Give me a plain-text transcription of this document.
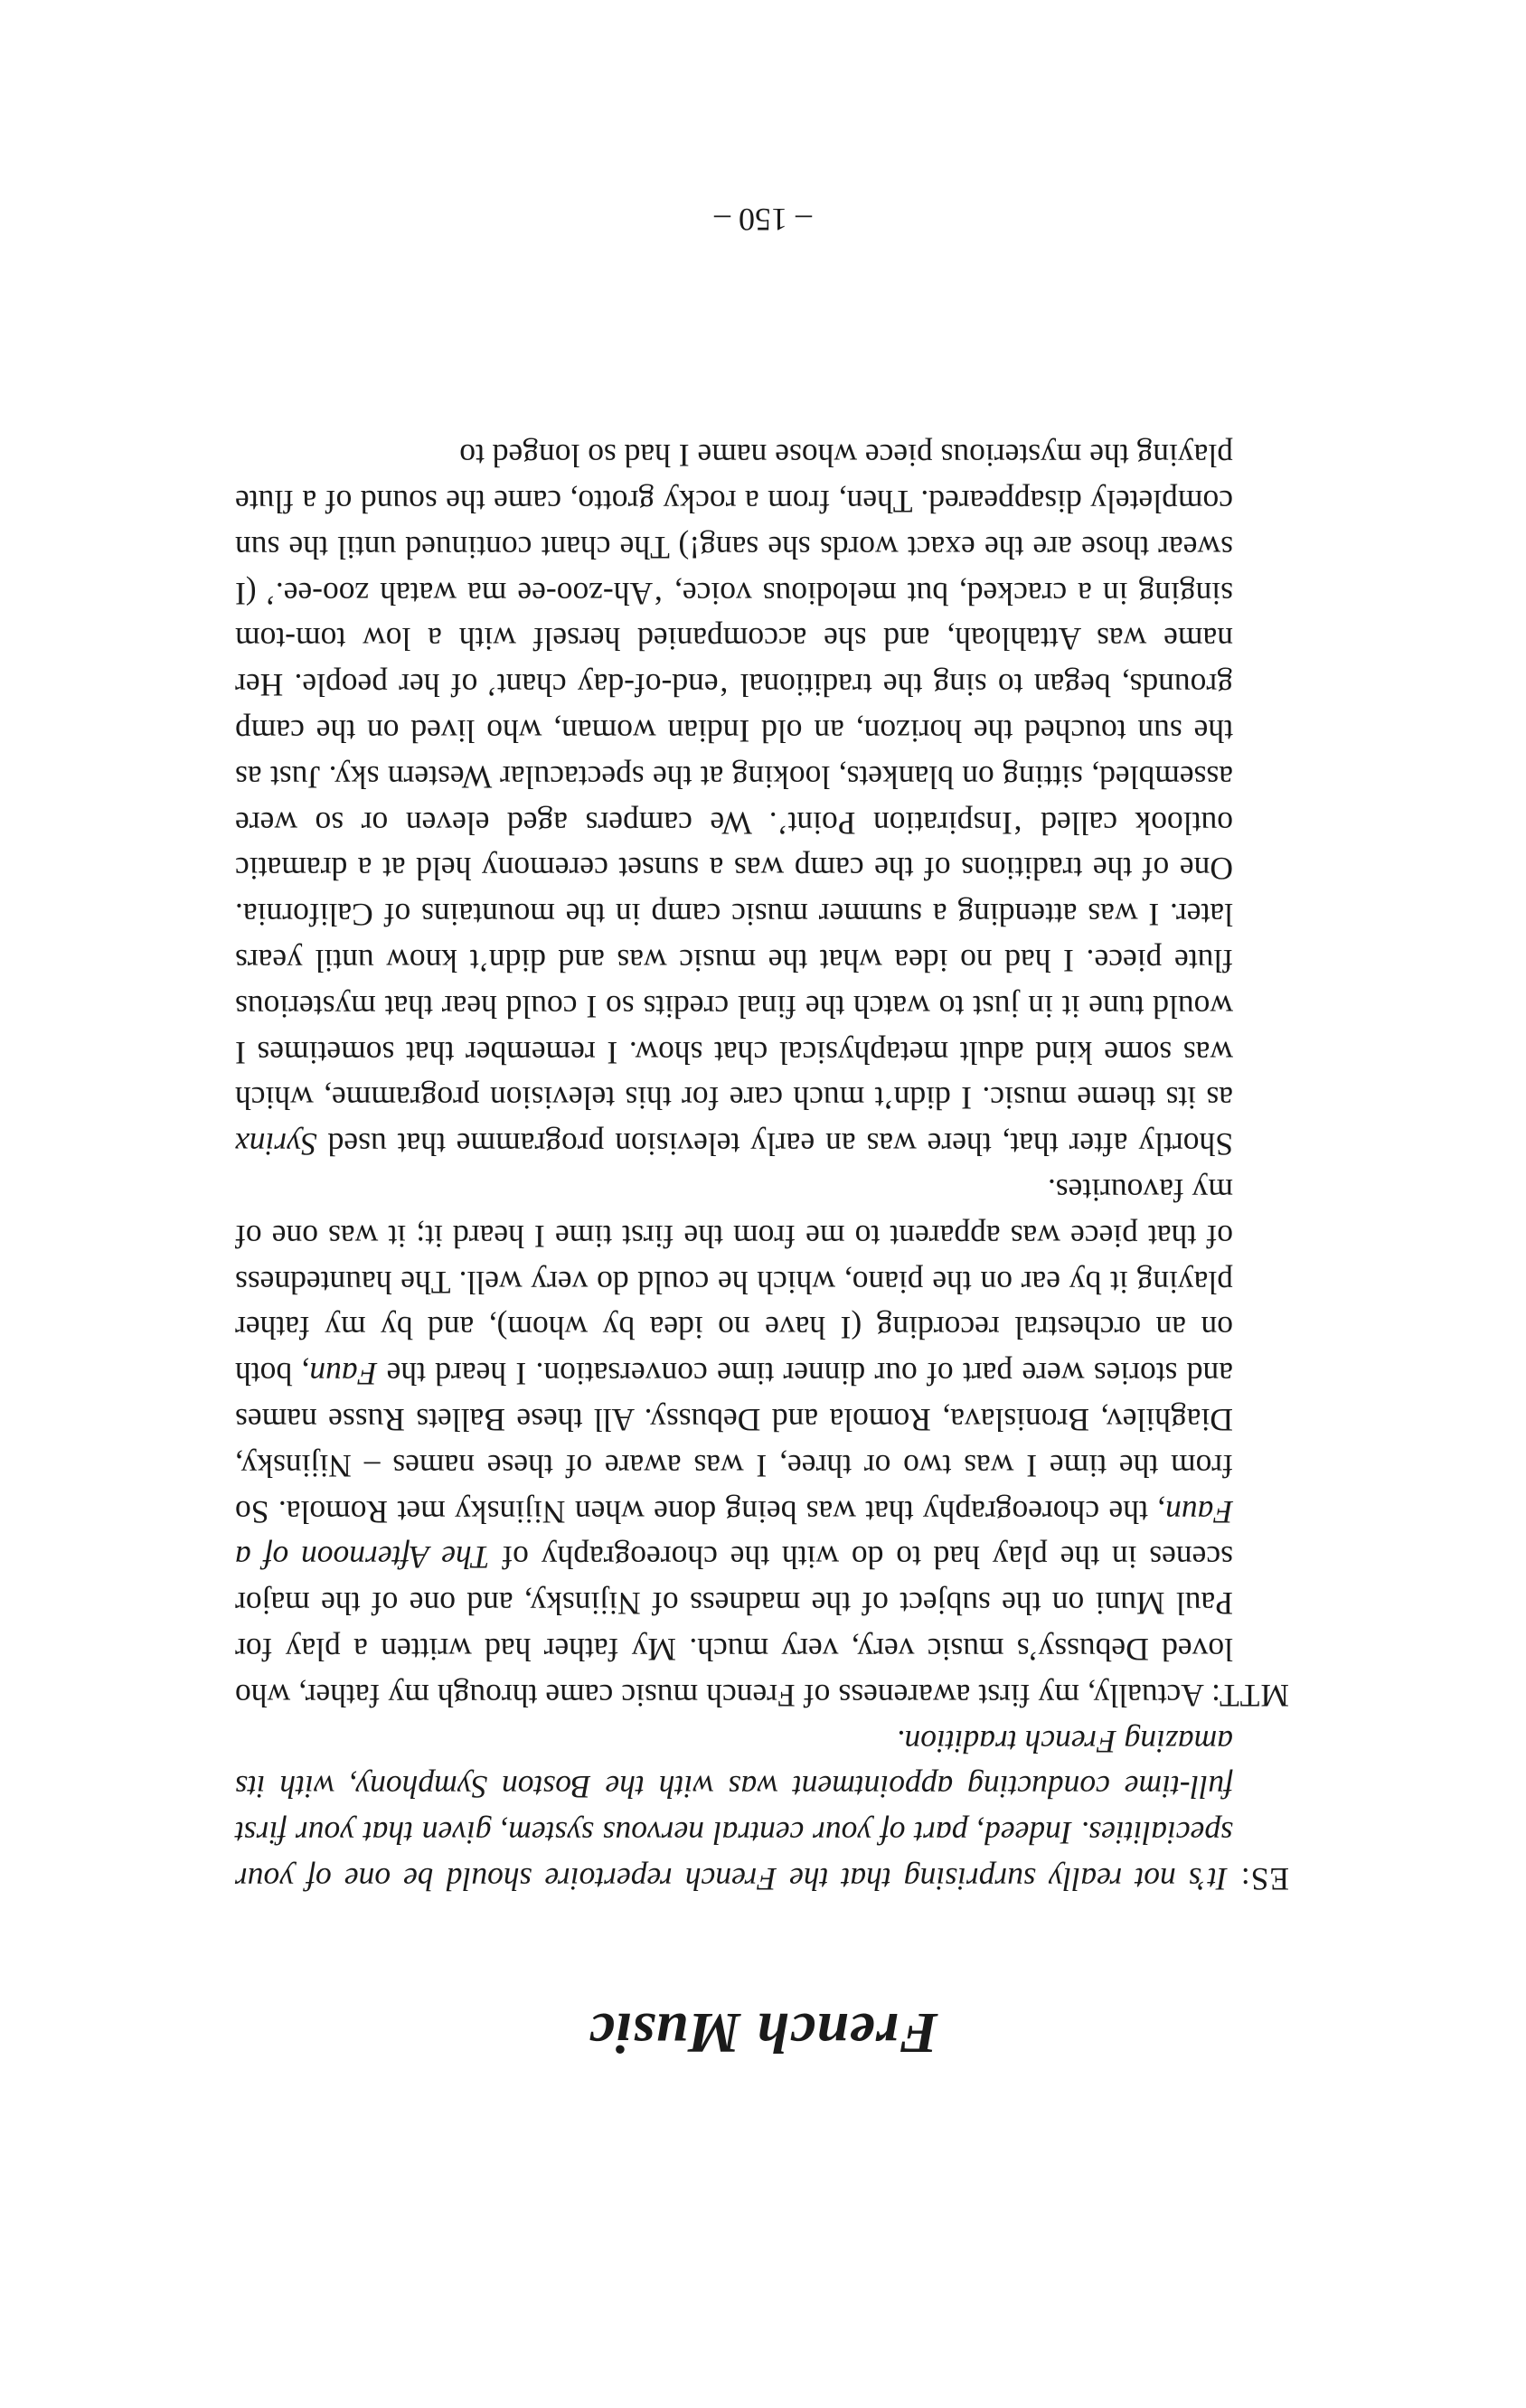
French Music

ES: It’s not really surprising that the French repertoire should be one of your specialities. Indeed, part of your central nervous system, given that your first full-time conducting appointment was with the Boston Symphony, with its amazing French tradition.

MTT: Actually, my first awareness of French music came through my father, who loved Debussy’s music very, very much. My father had written a play for Paul Muni on the subject of the madness of Nijinsky, and one of the major scenes in the play had to do with the choreography of The Afternoon of a Faun, the choreography that was being done when Nijinsky met Romola. So from the time I was two or three, I was aware of these names – Nijinsky, Diaghilev, Bronislava, Romola and Debussy. All these Ballets Russe names and stories were part of our dinner time conversation. I heard the Faun, both on an orchestral recording (I have no idea by whom), and by my father playing it by ear on the piano, which he could do very well. The hauntedness of that piece was apparent to me from the first time I heard it; it was one of my favourites.

Shortly after that, there was an early television programme that used Syrinx as its theme music. I didn’t much care for this television programme, which was some kind adult metaphysical chat show. I remember that sometimes I would tune it in just to watch the final credits so I could hear that mysterious flute piece. I had no idea what the music was and didn’t know until years later. I was attending a summer music camp in the mountains of California. One of the traditions of the camp was a sunset ceremony held at a dramatic outlook called ‘Inspiration Point’. We campers aged eleven or so were assembled, sitting on blankets, looking at the spectacular Western sky. Just as the sun touched the horizon, an old Indian woman, who lived on the camp grounds, began to sing the traditional ‘end-of-day chant’ of her people. Her name was Attahloah, and she accompanied herself with a low tom-tom singing in a cracked, but melodious voice, ‘Ah-zoo-ee ma watah zoo-ee.’ (I swear those are the exact words she sang!) The chant continued until the sun completely disappeared. Then, from a rocky grotto, came the sound of a flute playing the mysterious piece whose name I had so longed to

– 150 –
